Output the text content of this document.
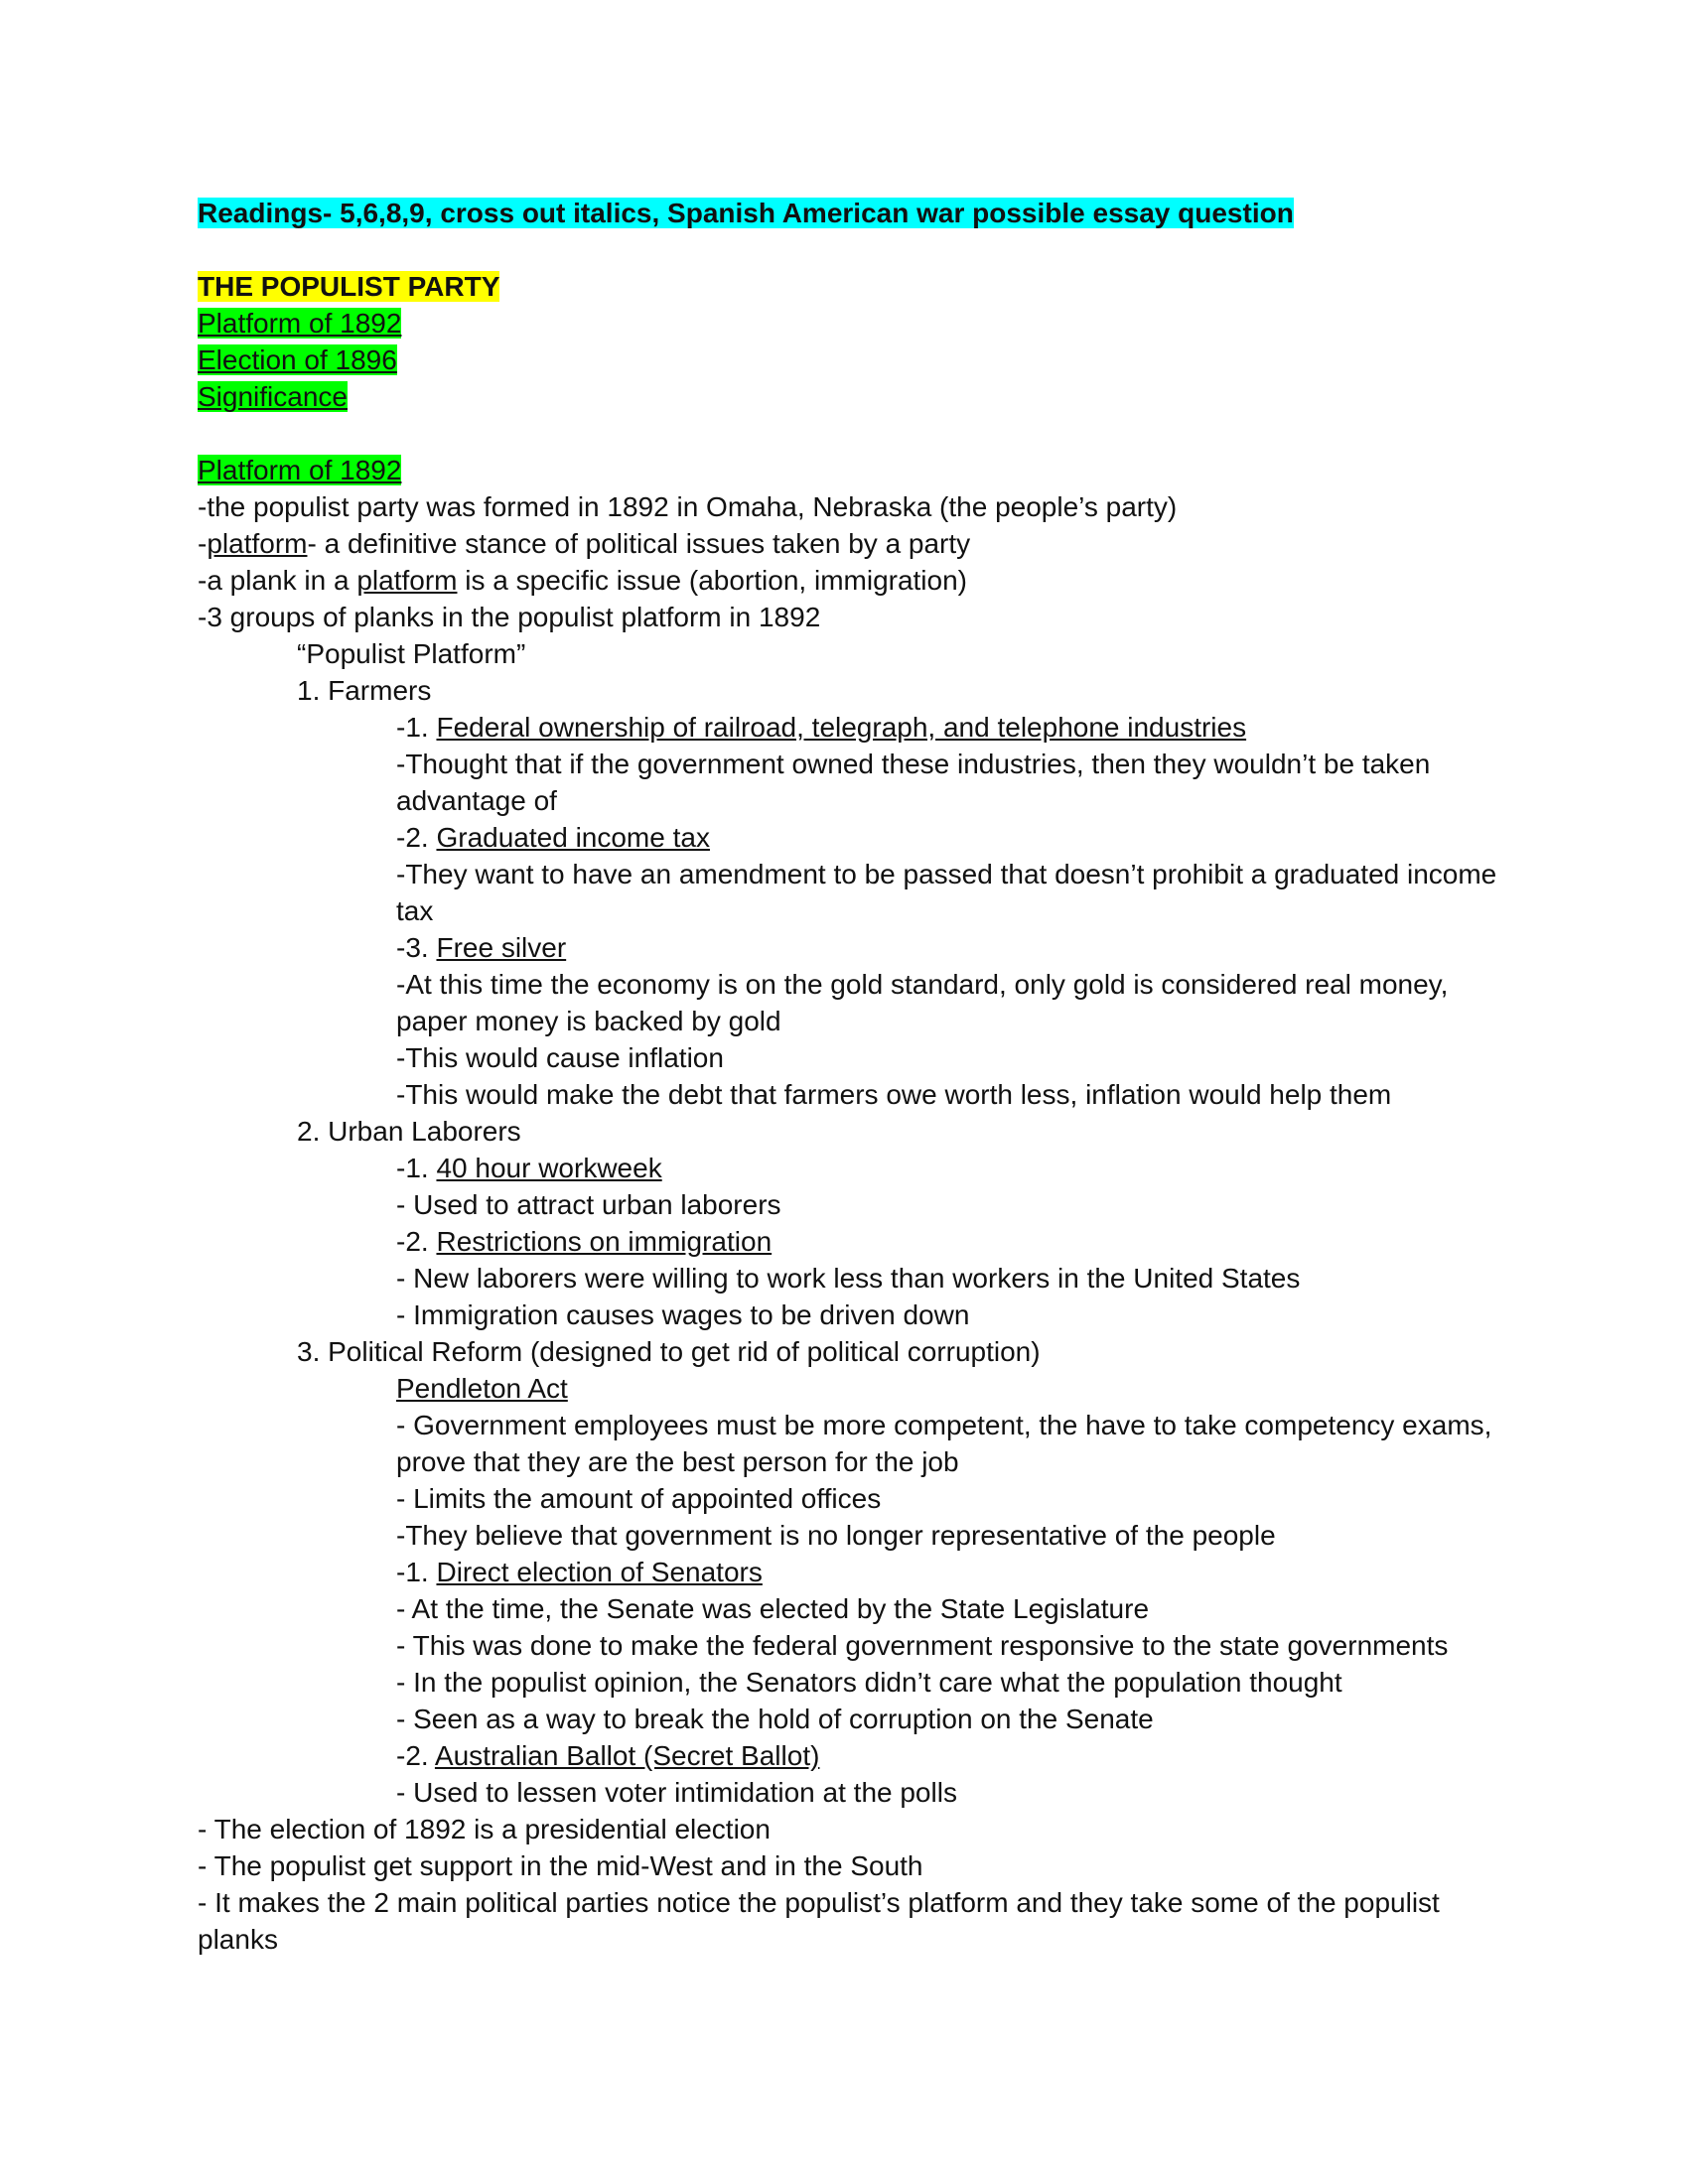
Readings- 5,6,8,9, cross out italics, Spanish American war possible essay question
THE POPULIST PARTY
Platform of 1892
Election of 1896
Significance
Platform of 1892
-the populist party was formed in 1892 in Omaha, Nebraska (the people’s party)
-platform- a definitive stance of political issues taken by a party
-a plank in a platform is a specific issue (abortion, immigration)
-3 groups of planks in the populist platform in 1892
“Populist Platform”
1. Farmers
-1. Federal ownership of railroad, telegraph, and telephone industries
-Thought that if the government owned these industries, then they wouldn’t be taken advantage of
-2. Graduated income tax
-They want to have an amendment to be passed that doesn’t prohibit a graduated income tax
-3. Free silver
-At this time the economy is on the gold standard, only gold is considered real money, paper money is backed by gold
-This would cause inflation
-This would make the debt that farmers owe worth less, inflation would help them
2. Urban Laborers
-1. 40 hour workweek
- Used to attract urban laborers
-2. Restrictions on immigration
- New laborers were willing to work less than workers in the United States
- Immigration causes wages to be driven down
3. Political Reform (designed to get rid of political corruption)
Pendleton Act
- Government employees must be more competent, the have to take competency exams, prove that they are the best person for the job
- Limits the amount of appointed offices
-They believe that government is no longer representative of the people
-1. Direct election of Senators
- At the time, the Senate was elected by the State Legislature
- This was done to make the federal government responsive to the state governments
- In the populist opinion, the Senators didn’t care what the population thought
- Seen as a way to break the hold of corruption on the Senate
-2. Australian Ballot (Secret Ballot)
- Used to lessen voter intimidation at the polls
- The election of 1892 is a presidential election
- The populist get support in the mid-West and in the South
- It makes the 2 main political parties notice the populist’s platform and they take some of the populist planks
